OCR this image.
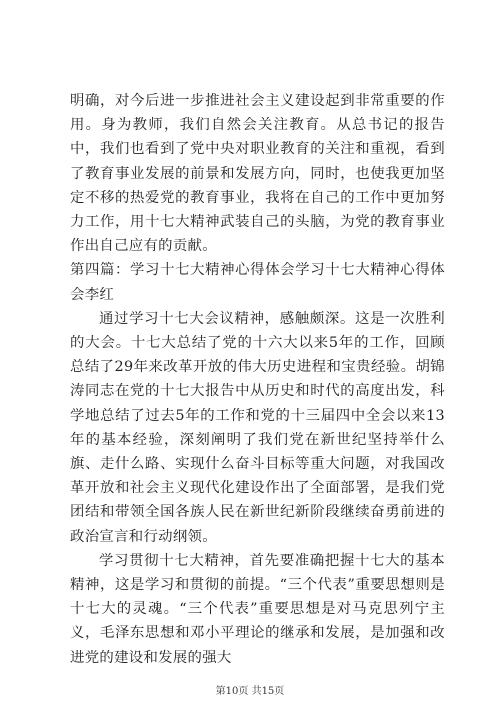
明确，对今后进一步推进社会主义建设起到非常重要的作用。身为教师，我们自然会关注教育。从总书记的报告中，我们也看到了党中央对职业教育的关注和重视，看到了教育事业发展的前景和发展方向，同时，也使我更加坚定不移的热爱党的教育事业，我将在自己的工作中更加努力工作，用十七大精神武装自己的头脑，为党的教育事业作出自己应有的贡献。

第四篇：学习十七大精神心得体会学习十七大精神心得体会李红

通过学习十七大会议精神，感触颇深。这是一次胜利的大会。十七大总结了党的十六大以来5年的工作，回顾总结了29年来改革开放的伟大历史进程和宝贵经验。胡锦涛同志在党的十七大报告中从历史和时代的高度出发，科学地总结了过去5年的工作和党的十三届四中全会以来13年的基本经验，深刻阐明了我们党在新世纪坚持举什么旗、走什么路、实现什么奋斗目标等重大问题，对我国改革开放和社会主义现代化建设作出了全面部署，是我们党团结和带领全国各族人民在新世纪新阶段继续奋勇前进的政治宣言和行动纲领。

学习贯彻十七大精神，首先要准确把握十七大的基本精神，这是学习和贯彻的前提。“三个代表”重要思想则是十七大的灵魂。“三个代表”重要思想是对马克思列宁主义，毛泽东思想和邓小平理论的继承和发展，是加强和改进党的建设和发展的强大

第10页 共15页
